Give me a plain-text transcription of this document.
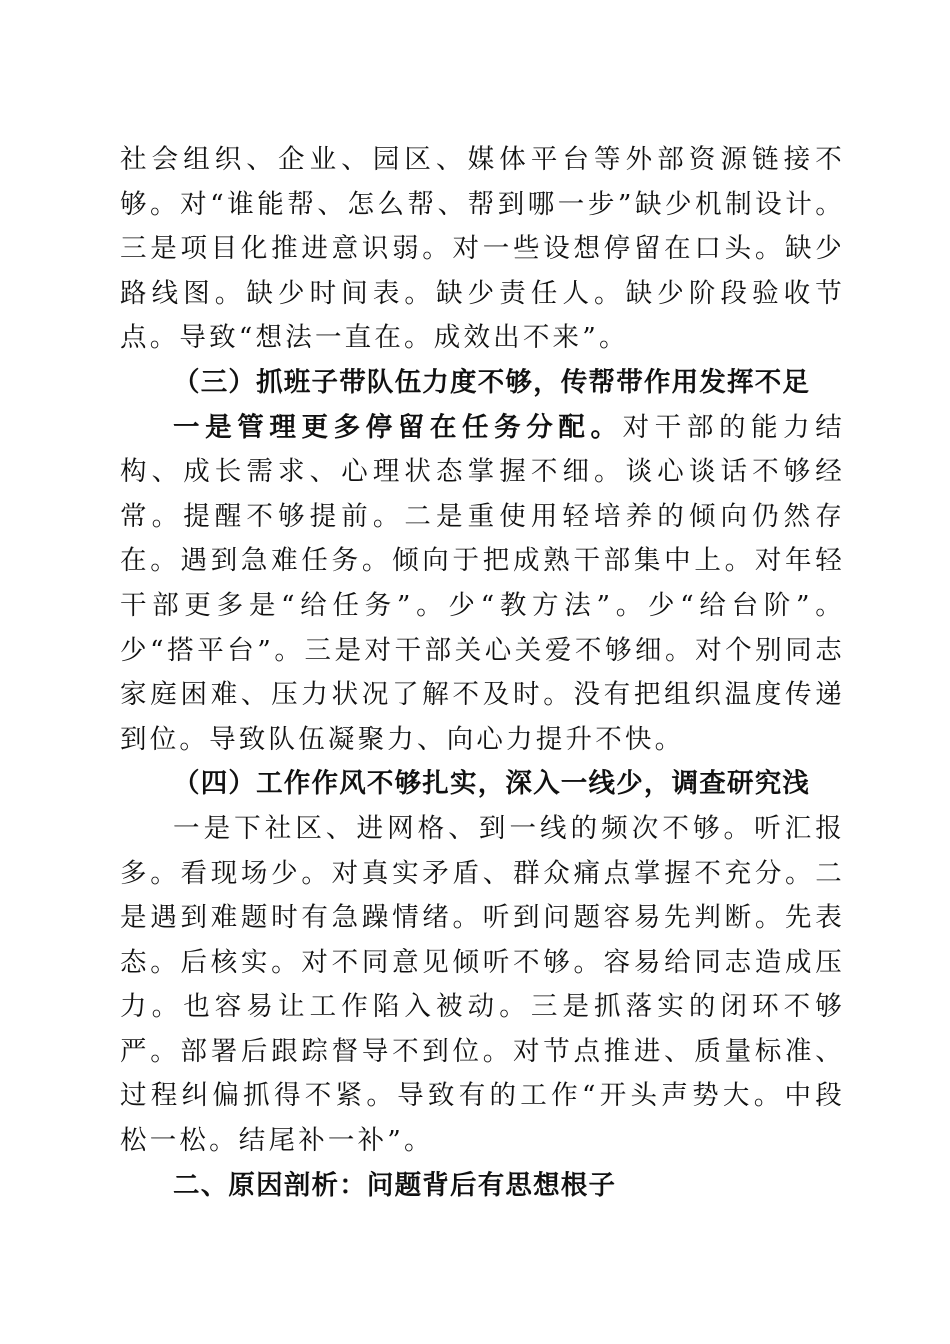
社会组织、企业、园区、媒体平台等外部资源链接不够。对“谁能帮、怎么帮、帮到哪一步”缺少机制设计。三是项目化推进意识弱。对一些设想停留在口头。缺少路线图。缺少时间表。缺少责任人。缺少阶段验收节点。导致“想法一直在。成效出不来”。

（三）抓班子带队伍力度不够，传帮带作用发挥不足

一是管理更多停留在任务分配。对干部的能力结构、成长需求、心理状态掌握不细。谈心谈话不够经常。提醒不够提前。二是重使用轻培养的倾向仍然存在。遇到急难任务。倾向于把成熟干部集中上。对年轻干部更多是“给任务”。少“教方法”。少“给台阶”。少“搭平台”。三是对干部关心关爱不够细。对个别同志家庭困难、压力状况了解不及时。没有把组织温度传递到位。导致队伍凝聚力、向心力提升不快。

（四）工作作风不够扎实，深入一线少，调查研究浅

一是下社区、进网格、到一线的频次不够。听汇报多。看现场少。对真实矛盾、群众痛点掌握不充分。二是遇到难题时有急躁情绪。听到问题容易先判断。先表态。后核实。对不同意见倾听不够。容易给同志造成压力。也容易让工作陷入被动。三是抓落实的闭环不够严。部署后跟踪督导不到位。对节点推进、质量标准、过程纠偏抓得不紧。导致有的工作“开头声势大。中段松一松。结尾补一补”。

二、原因剖析：问题背后有思想根子
